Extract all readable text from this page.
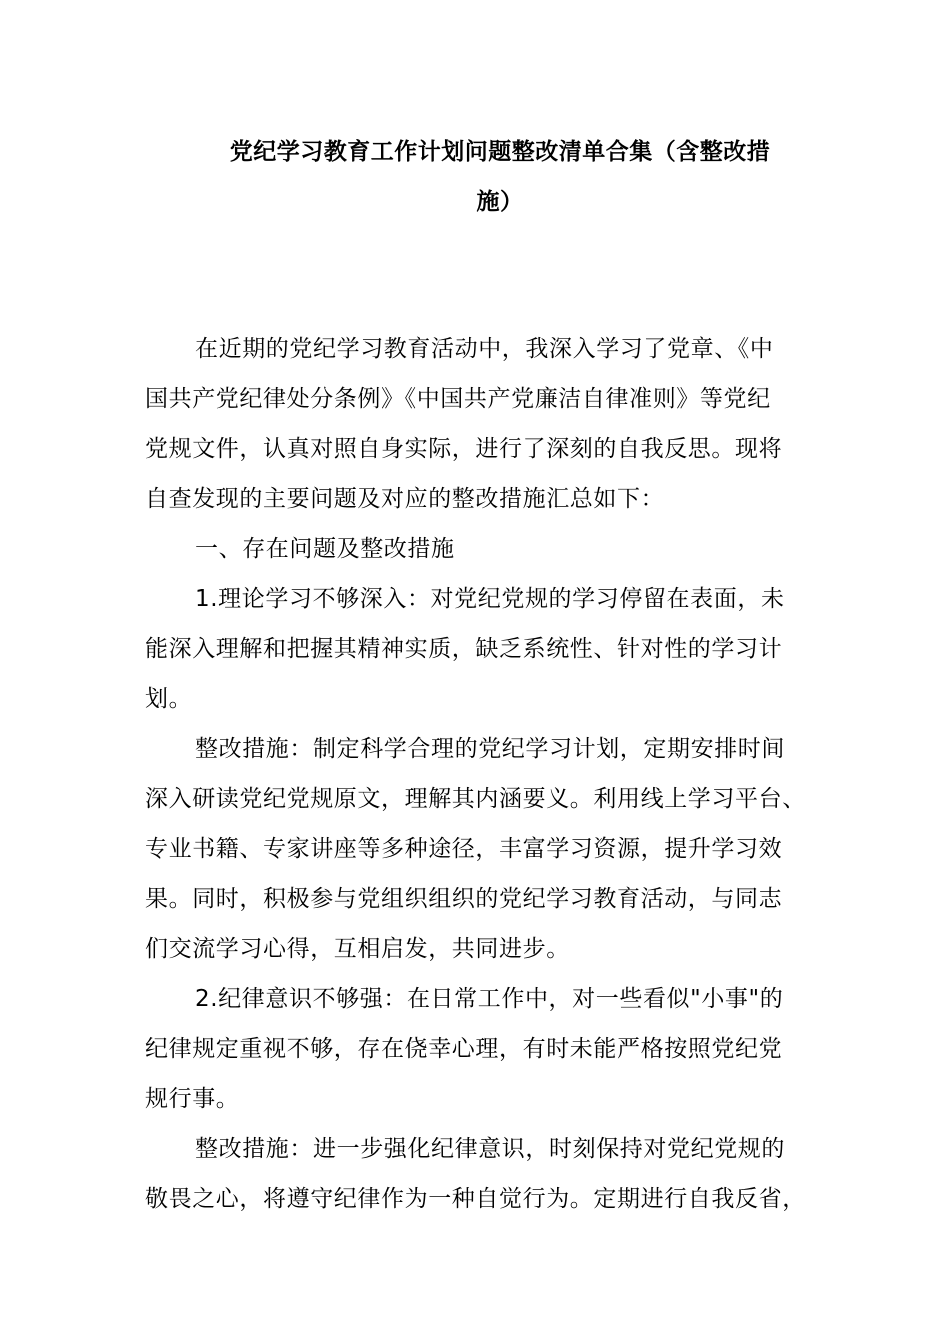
党纪学习教育工作计划问题整改清单合集（含整改措
施）
在近期的党纪学习教育活动中，我深入学习了党章、《中
国共产党纪律处分条例》《中国共产党廉洁自律准则》等党纪
党规文件，认真对照自身实际，进行了深刻的自我反思。现将
自查发现的主要问题及对应的整改措施汇总如下：
一、存在问题及整改措施
1.理论学习不够深入：对党纪党规的学习停留在表面，未
能深入理解和把握其精神实质，缺乏系统性、针对性的学习计
划。
整改措施：制定科学合理的党纪学习计划，定期安排时间
深入研读党纪党规原文，理解其内涵要义。利用线上学习平台、
专业书籍、专家讲座等多种途径，丰富学习资源，提升学习效
果。同时，积极参与党组织组织的党纪学习教育活动，与同志
们交流学习心得，互相启发，共同进步。
2.纪律意识不够强：在日常工作中，对一些看似"小事"的
纪律规定重视不够，存在侥幸心理，有时未能严格按照党纪党
规行事。
整改措施：进一步强化纪律意识，时刻保持对党纪党规的
敬畏之心，将遵守纪律作为一种自觉行为。定期进行自我反省，
